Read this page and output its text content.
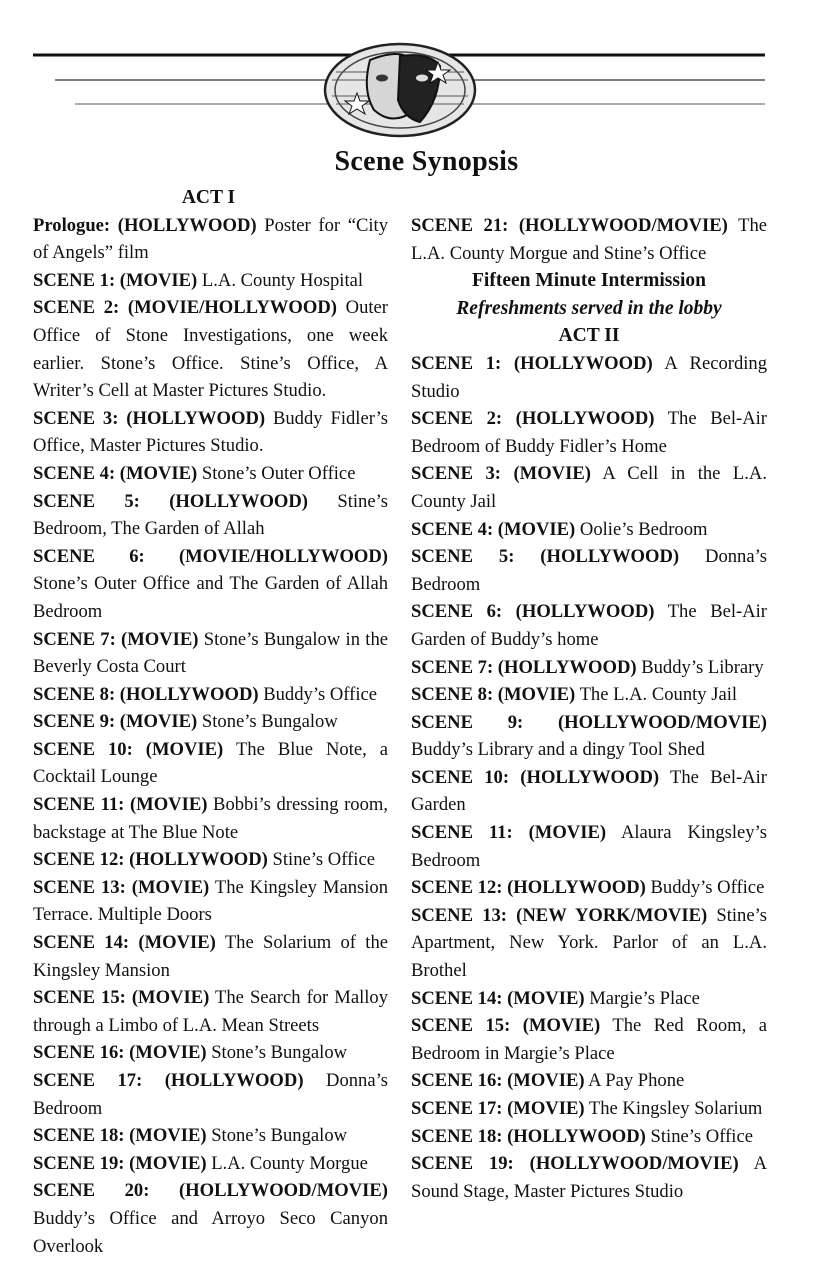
Scene Synopsis

ACT I

Prologue: (HOLLYWOOD) Poster for “City of Angels” film

SCENE 1: (MOVIE) L.A. County Hospital

SCENE 2: (MOVIE/HOLLYWOOD) Outer Office of Stone Investigations, one week earlier. Stone’s Office. Stine’s Office, A Writer’s Cell at Master Pictures Studio.

SCENE 3: (HOLLYWOOD) Buddy Fidler’s Office, Master Pictures Studio.

SCENE 4: (MOVIE) Stone’s Outer Office

SCENE 5: (HOLLYWOOD) Stine’s Bedroom, The Garden of Allah

SCENE 6: (MOVIE/HOLLYWOOD) Stone’s Outer Office and The Garden of Allah Bedroom

SCENE 7: (MOVIE) Stone’s Bungalow in the Beverly Costa Court

SCENE 8: (HOLLYWOOD) Buddy’s Office

SCENE 9: (MOVIE) Stone’s Bungalow

SCENE 10: (MOVIE) The Blue Note, a Cocktail Lounge

SCENE 11: (MOVIE) Bobbi’s dressing room, backstage at The Blue Note

SCENE 12: (HOLLYWOOD) Stine’s Office

SCENE 13: (MOVIE) The Kingsley Mansion Terrace. Multiple Doors

SCENE 14: (MOVIE) The Solarium of the Kingsley Mansion

SCENE 15: (MOVIE) The Search for Malloy through a Limbo of L.A. Mean Streets

SCENE 16: (MOVIE) Stone’s Bungalow

SCENE 17: (HOLLYWOOD) Donna’s Bedroom

SCENE 18: (MOVIE) Stone’s Bungalow

SCENE 19: (MOVIE) L.A. County Morgue

SCENE 20: (HOLLYWOOD/MOVIE) Buddy’s Office and Arroyo Seco Canyon Overlook

SCENE 21: (HOLLYWOOD/MOVIE) The L.A. County Morgue and Stine’s Office

Fifteen Minute Intermission

Refreshments served in the lobby

ACT II

SCENE 1: (HOLLYWOOD) A Recording Studio

SCENE 2: (HOLLYWOOD) The Bel-Air Bedroom of Buddy Fidler’s Home

SCENE 3: (MOVIE) A Cell in the L.A. County Jail

SCENE 4: (MOVIE) Oolie’s Bedroom

SCENE 5: (HOLLYWOOD) Donna’s Bedroom

SCENE 6: (HOLLYWOOD) The Bel-Air Garden of Buddy’s home

SCENE 7: (HOLLYWOOD) Buddy’s Library

SCENE 8: (MOVIE) The L.A. County Jail

SCENE 9: (HOLLYWOOD/MOVIE) Buddy’s Library and a dingy Tool Shed

SCENE 10: (HOLLYWOOD) The Bel-Air Garden

SCENE 11: (MOVIE) Alaura Kingsley’s Bedroom

SCENE 12: (HOLLYWOOD) Buddy’s Office

SCENE 13: (NEW YORK/MOVIE) Stine’s Apartment, New York. Parlor of an L.A. Brothel

SCENE 14: (MOVIE) Margie’s Place

SCENE 15: (MOVIE) The Red Room, a Bedroom in Margie’s Place

SCENE 16: (MOVIE) A Pay Phone

SCENE 17: (MOVIE) The Kingsley Solarium

SCENE 18: (HOLLYWOOD) Stine’s Office

SCENE 19: (HOLLYWOOD/MOVIE) A Sound Stage, Master Pictures Studio
